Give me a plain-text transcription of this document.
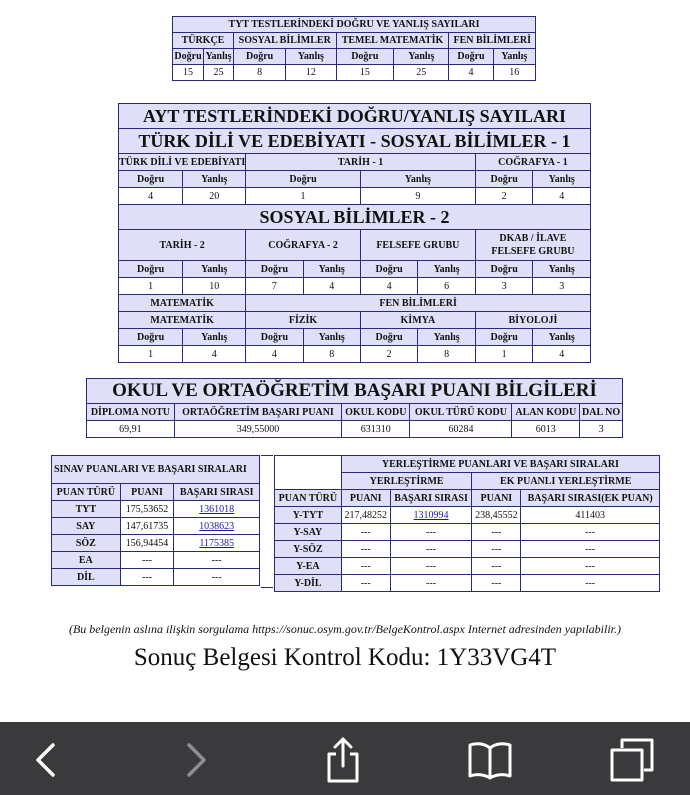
TYT TESTLERİNDEKİ DOĞRU VE YANLIŞ SAYILARI							
TÜRKÇE		SOSYAL BİLİMLER		TEMEL MATEMATİK		FEN BİLİMLERİ	
Doğru	Yanlış	Doğru	Yanlış	Doğru	Yanlış	Doğru	Yanlış
15	25	8	12	15	25	4	16
AYT TESTLERİNDEKİ DOĞRU/YANLIŞ SAYILARI							
TÜRK DİLİ VE EDEBİYATI - SOSYAL BİLİMLER - 1							
TÜRK DİLİ VE EDEBİYATI		TARİH - 1				COĞRAFYA - 1	
Doğru	Yanlış	Doğru		Yanlış		Doğru	Yanlış
4	20	1		9		2	4
SOSYAL BİLİMLER - 2							
TARİH - 2		COĞRAFYA - 2		FELSEFE GRUBU		DKAB / İLAVE
FELSEFE GRUBU	
Doğru	Yanlış	Doğru	Yanlış	Doğru	Yanlış	Doğru	Yanlış
1	10	7	4	4	6	3	3
MATEMATİK		FEN BİLİMLERİ					
MATEMATİK		FİZİK		KİMYA		BİYOLOJİ	
Doğru	Yanlış	Doğru	Yanlış	Doğru	Yanlış	Doğru	Yanlış
1	4	4	8	2	8	1	4
OKUL VE ORTAÖĞRETİM BAŞARI PUANI BİLGİLERİ					
DİPLOMA NOTU	ORTAÖĞRETİM BAŞARI PUANI	OKUL KODU	OKUL TÜRÜ KODU	ALAN KODU	DAL NO
69,91	349,55000	631310	60284	6013	3
SINAV PUANLARI VE BAŞARI SIRALARI		
PUAN TÜRÜ	PUANI	BAŞARI SIRASI
TYT	175,53652	1361018
SAY	147,61735	1038623
SÖZ	156,94454	1175385
EA	---	---
DİL	---	---
	YERLEŞTİRME PUANLARI VE BAŞARI SIRALARI			
	YERLEŞTİRME		EK PUANLI YERLEŞTİRME	
PUAN TÜRÜ	PUANI	BAŞARI SIRASI	PUANI	BAŞARI SIRASI(EK PUAN)
Y-TYT	217,48252	1310994	238,45552	411403
Y-SAY	---	---	---	---
Y-SÖZ	---	---	---	---
Y-EA	---	---	---	---
Y-DİL	---	---	---	---
(Bu belgenin aslına ilişkin sorgulama https://sonuc.osym.gov.tr/BelgeKontrol.aspx Internet adresinden yapılabilir.)
Sonuç Belgesi Kontrol Kodu: 1Y33VG4T
